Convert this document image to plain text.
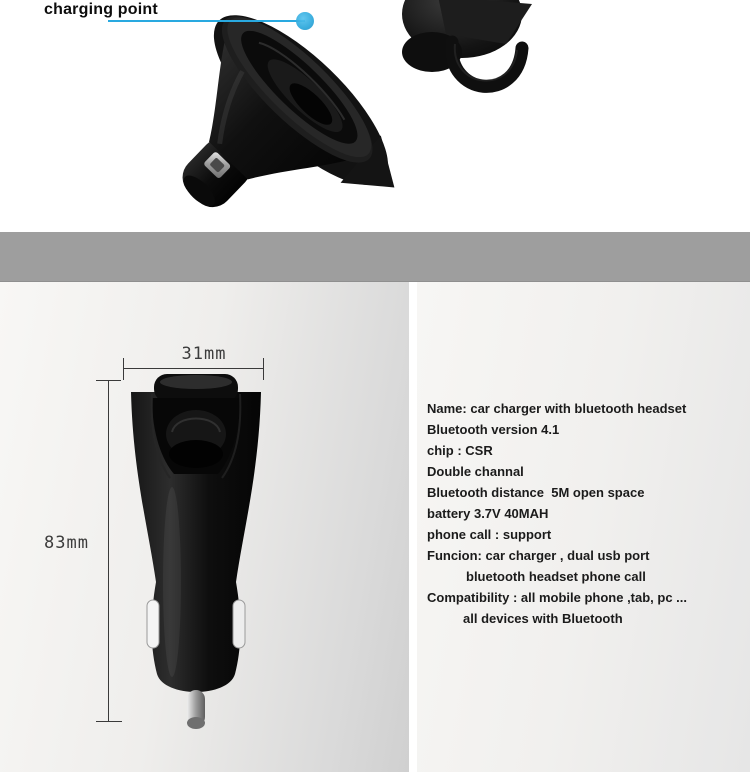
charging point
31mm
83mm
Name: car charger with bluetooth headset
Bluetooth version 4.1
chip : CSR
Double channal
Bluetooth distance  5M open space
battery 3.7V 40MAH
phone call : support
Funcion: car charger , dual usb port
bluetooth headset phone call
Compatibility : all mobile phone ,tab, pc ...
all devices with Bluetooth
